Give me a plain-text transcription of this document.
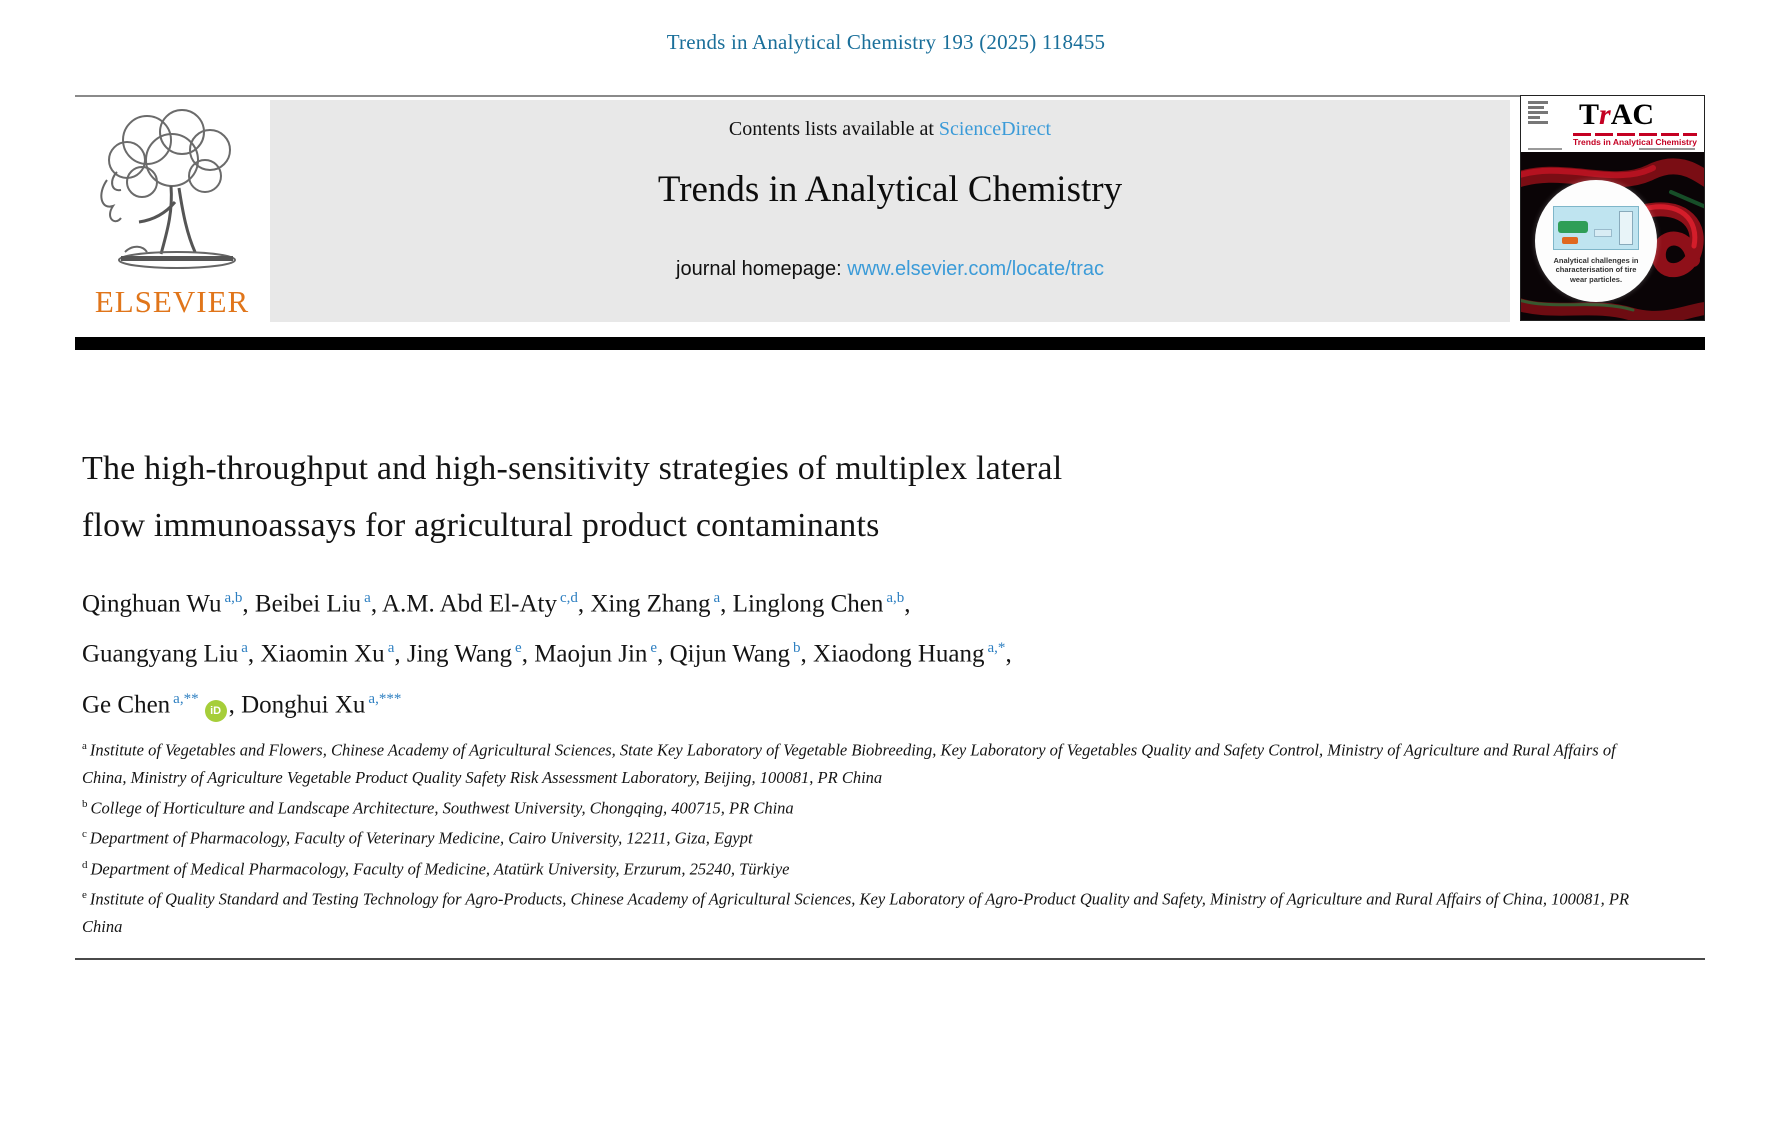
Trends in Analytical Chemistry 193 (2025) 118455
ELSEVIER
Contents lists available at ScienceDirect
Trends in Analytical Chemistry
journal homepage: www.elsevier.com/locate/trac
TrAC
Trends in Analytical Chemistry
Analytical challenges in
characterisation of tire
wear particles.
The high-throughput and high-sensitivity strategies of multiplex lateral
flow immunoassays for agricultural product contaminants
Qinghuan Wu $^{a,b}$, Beibei Liu $^a$, A.M. Abd El-Aty $^{c,d}$, Xing Zhang $^a$, Linglong Chen $^{a,b}$,
Guangyang Liu $^a$, Xiaomin Xu $^a$, Jing Wang $^e$, Maojun Jin $^e$, Qijun Wang $^b$, Xiaodong Huang $^{a,*}$,
Ge Chen $^{a,**}$iD , Donghui Xu $^{a,***}$
$^a$ Institute of Vegetables and Flowers, Chinese Academy of Agricultural Sciences, State Key Laboratory of Vegetable Biobreeding, Key Laboratory of Vegetables Quality and Safety Control, Ministry of Agriculture and Rural Affairs of China, Ministry of Agriculture Vegetable Product Quality Safety Risk Assessment Laboratory, Beijing, 100081, PR China
$^b$ College of Horticulture and Landscape Architecture, Southwest University, Chongqing, 400715, PR China
$^c$ Department of Pharmacology, Faculty of Veterinary Medicine, Cairo University, 12211, Giza, Egypt
$^d$ Department of Medical Pharmacology, Faculty of Medicine, Atatürk University, Erzurum, 25240, Türkiye
$^e$ Institute of Quality Standard and Testing Technology for Agro-Products, Chinese Academy of Agricultural Sciences, Key Laboratory of Agro-Product Quality and Safety, Ministry of Agriculture and Rural Affairs of China, 100081, PR China
